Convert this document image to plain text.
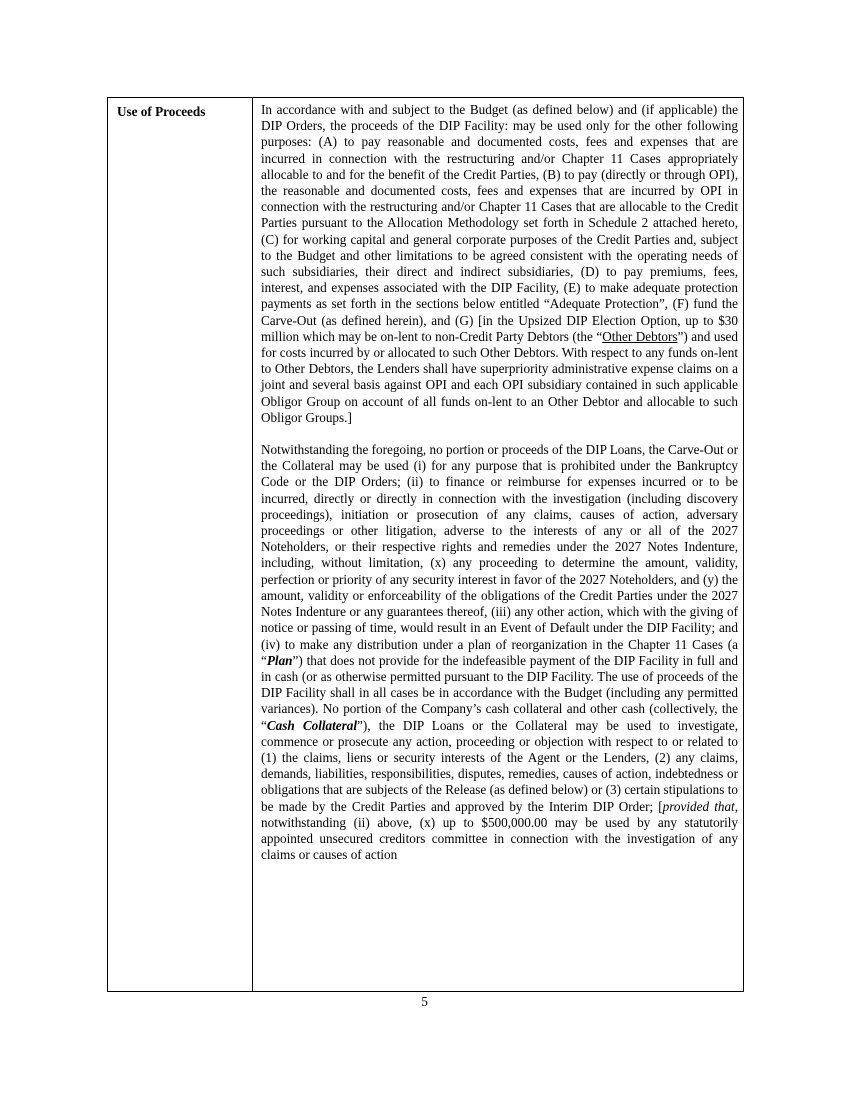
Use of Proceeds	In accordance with and subject to the Budget (as defined below) and (if applicable) the DIP Orders, the proceeds of the DIP Facility: may be used only for the other following purposes: (A) to pay reasonable and documented costs, fees and expenses that are incurred in connection with the restructuring and/or Chapter 11 Cases appropriately allocable to and for the benefit of the Credit Parties, (B) to pay (directly or through OPI), the reasonable and documented costs, fees and expenses that are incurred by OPI in connection with the restructuring and/or Chapter 11 Cases that are allocable to the Credit Parties pursuant to the Allocation Methodology set forth in Schedule 2 attached hereto, (C) for working capital and general corporate purposes of the Credit Parties and, subject to the Budget and other limitations to be agreed consistent with the operating needs of such subsidiaries, their direct and indirect subsidiaries, (D) to pay premiums, fees, interest, and expenses associated with the DIP Facility, (E) to make adequate protection payments as set forth in the sections below entitled “Adequate Protection”, (F) fund the Carve-Out (as defined herein), and (G) [in the Upsized DIP Election Option, up to $30 million which may be on-lent to non-Credit Party Debtors (the “Other Debtors”) and used for costs incurred by or allocated to such Other Debtors. With respect to any funds on-lent to Other Debtors, the Lenders shall have superpriority administrative expense claims on a joint and several basis against OPI and each OPI subsidiary contained in such applicable Obligor Group on account of all funds on-lent to an Other Debtor and allocable to such Obligor Groups.]

Notwithstanding the foregoing, no portion or proceeds of the DIP Loans, the Carve-Out or the Collateral may be used (i) for any purpose that is prohibited under the Bankruptcy Code or the DIP Orders; (ii) to finance or reimburse for expenses incurred or to be incurred, directly or directly in connection with the investigation (including discovery proceedings), initiation or prosecution of any claims, causes of action, adversary proceedings or other litigation, adverse to the interests of any or all of the 2027 Noteholders, or their respective rights and remedies under the 2027 Notes Indenture, including, without limitation, (x) any proceeding to determine the amount, validity, perfection or priority of any security interest in favor of the 2027 Noteholders, and (y) the amount, validity or enforceability of the obligations of the Credit Parties under the 2027 Notes Indenture or any guarantees thereof, (iii) any other action, which with the giving of notice or passing of time, would result in an Event of Default under the DIP Facility; and (iv) to make any distribution under a plan of reorganization in the Chapter 11 Cases (a “Plan”) that does not provide for the indefeasible payment of the DIP Facility in full and in cash (or as otherwise permitted pursuant to the DIP Facility. The use of proceeds of the DIP Facility shall in all cases be in accordance with the Budget (including any permitted variances). No portion of the Company’s cash collateral and other cash (collectively, the “Cash Collateral”), the DIP Loans or the Collateral may be used to investigate, commence or prosecute any action, proceeding or objection with respect to or related to (1) the claims, liens or security interests of the Agent or the Lenders, (2) any claims, demands, liabilities, responsibilities, disputes, remedies, causes of action, indebtedness or obligations that are subjects of the Release (as defined below) or (3) certain stipulations to be made by the Credit Parties and approved by the Interim DIP Order; [provided that, notwithstanding (ii) above, (x) up to $500,000.00 may be used by any statutorily appointed unsecured creditors committee in connection with the investigation of any claims or causes of action

5
